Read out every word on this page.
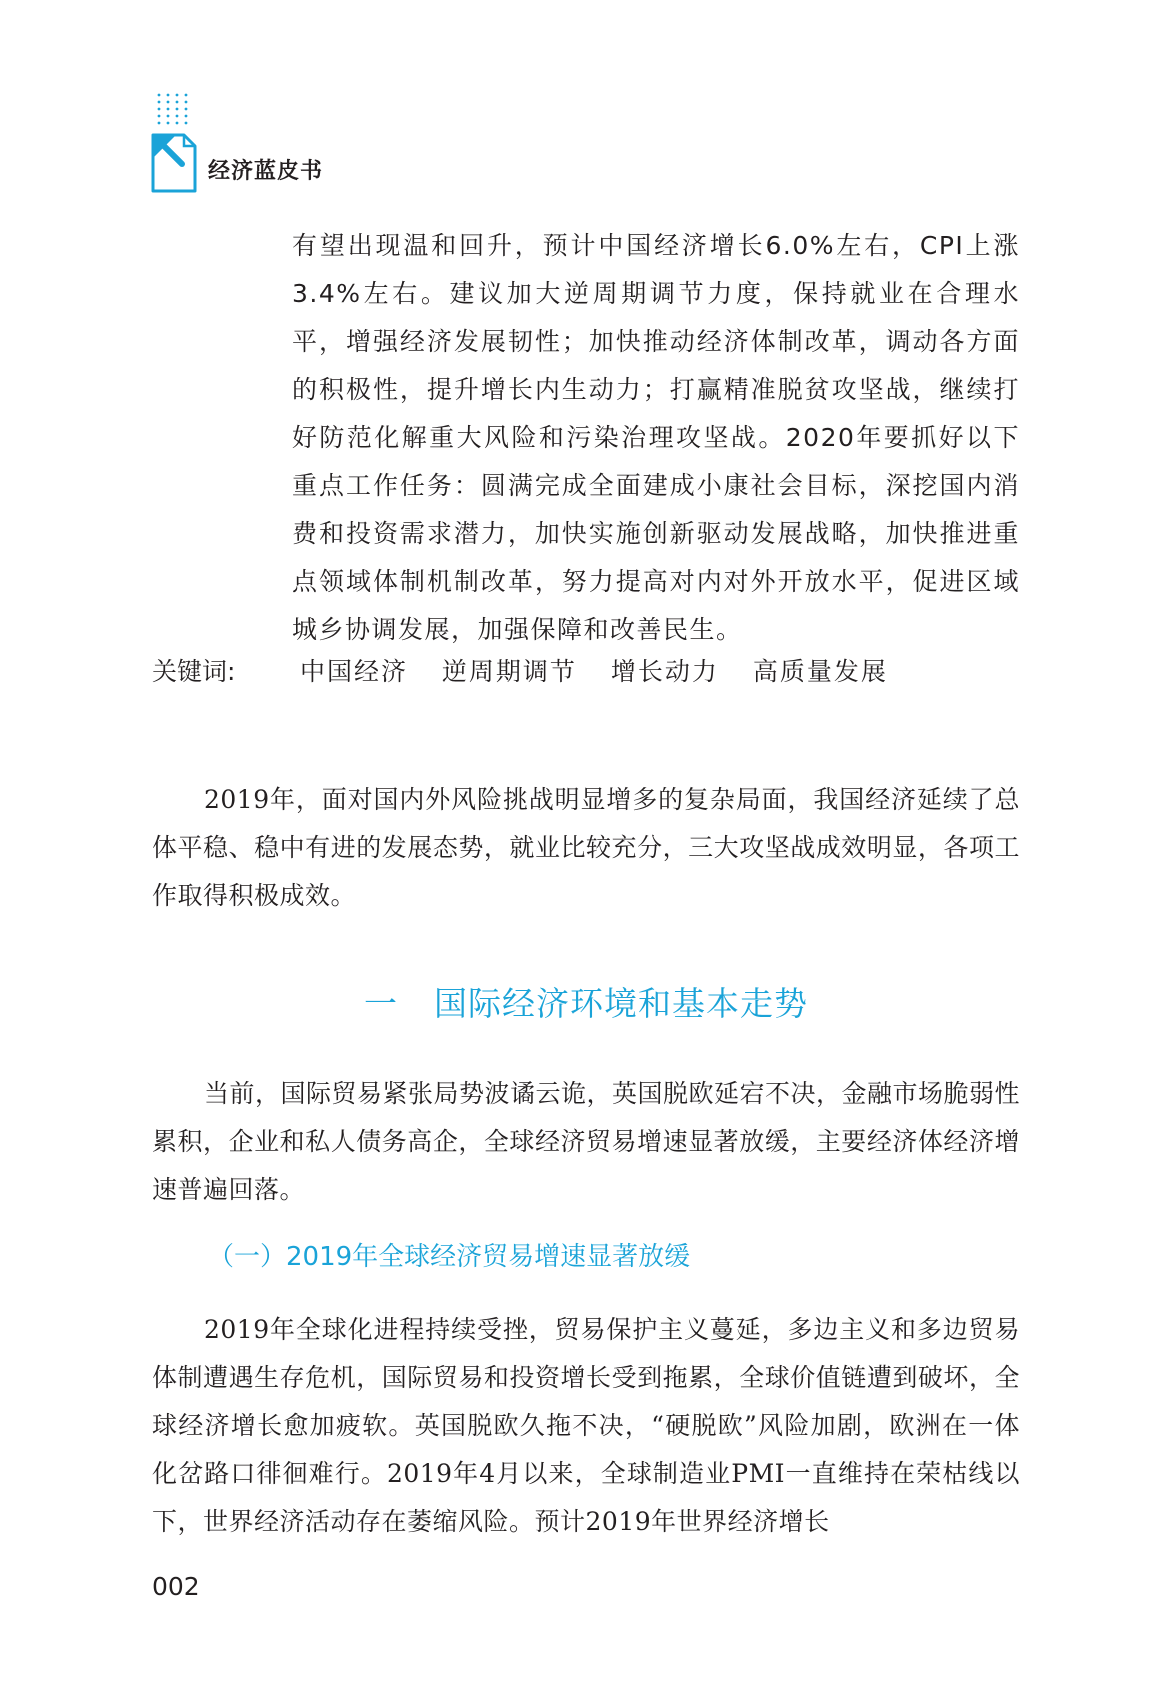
经济蓝皮书

有望出现温和回升，预计中国经济增长6.0%左右，CPI上涨3.4%左右。建议加大逆周期调节力度，保持就业在合理水平，增强经济发展韧性；加快推动经济体制改革，调动各方面的积极性，提升增长内生动力；打赢精准脱贫攻坚战，继续打好防范化解重大风险和污染治理攻坚战。2020年要抓好以下重点工作任务：圆满完成全面建成小康社会目标，深挖国内消费和投资需求潜力，加快实施创新驱动发展战略，加快推进重点领域体制机制改革，努力提高对内对外开放水平，促进区域城乡协调发展，加强保障和改善民生。

关键词:	中国经济 逆周期调节 增长动力 高质量发展

2019年，面对国内外风险挑战明显增多的复杂局面，我国经济延续了总体平稳、稳中有进的发展态势，就业比较充分，三大攻坚战成效明显，各项工作取得积极成效。

一 国际经济环境和基本走势

当前，国际贸易紧张局势波谲云诡，英国脱欧延宕不决，金融市场脆弱性累积，企业和私人债务高企，全球经济贸易增速显著放缓，主要经济体经济增速普遍回落。

（一）2019年全球经济贸易增速显著放缓

2019年全球化进程持续受挫，贸易保护主义蔓延，多边主义和多边贸易体制遭遇生存危机，国际贸易和投资增长受到拖累，全球价值链遭到破坏，全球经济增长愈加疲软。英国脱欧久拖不决，“硬脱欧”风险加剧，欧洲在一体化岔路口徘徊难行。2019年4月以来，全球制造业PMI一直维持在荣枯线以下，世界经济活动存在萎缩风险。预计2019年世界经济增长

002
